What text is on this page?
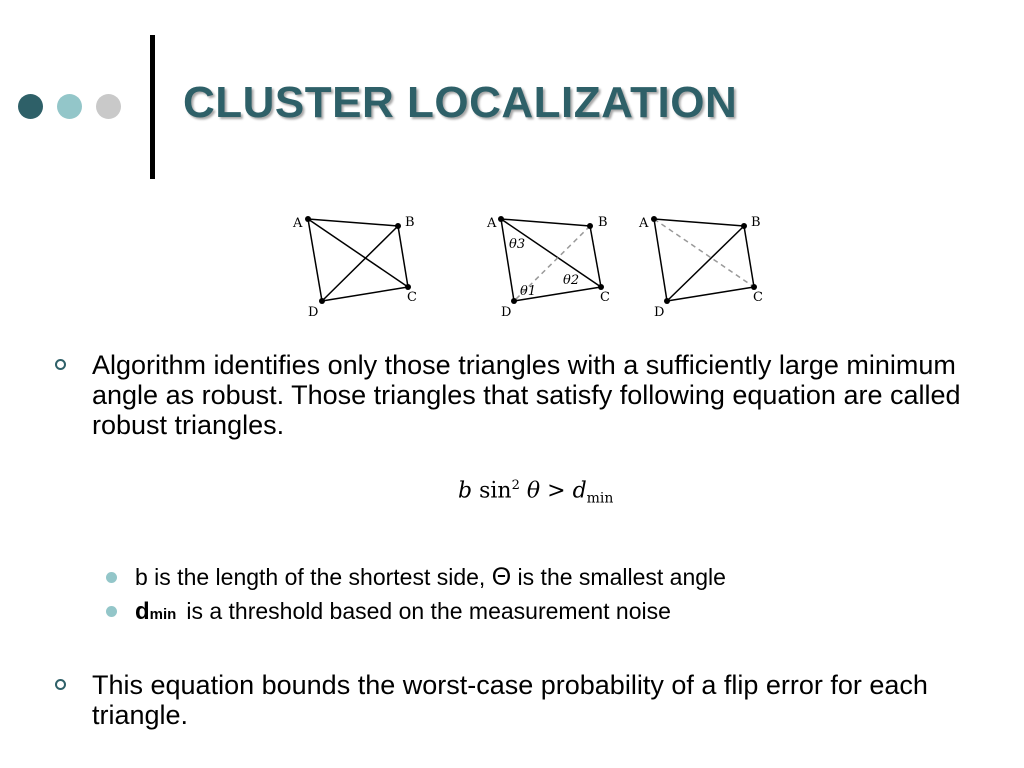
CLUSTER LOCALIZATION
A	B
C
D
A	B
C
D
θ3
θ2
θ1
A	B
C
D
Algorithm identifies only those triangles with a sufficiently large minimum angle as robust. Those triangles that satisfy following equation are called robust triangles.
b $\sin^2 \theta > d_{min}$
b is the length of the shortest side, Θ is the smallest angle
dmin is a threshold based on the measurement noise
This equation bounds the worst-case probability of a flip error for each triangle.
